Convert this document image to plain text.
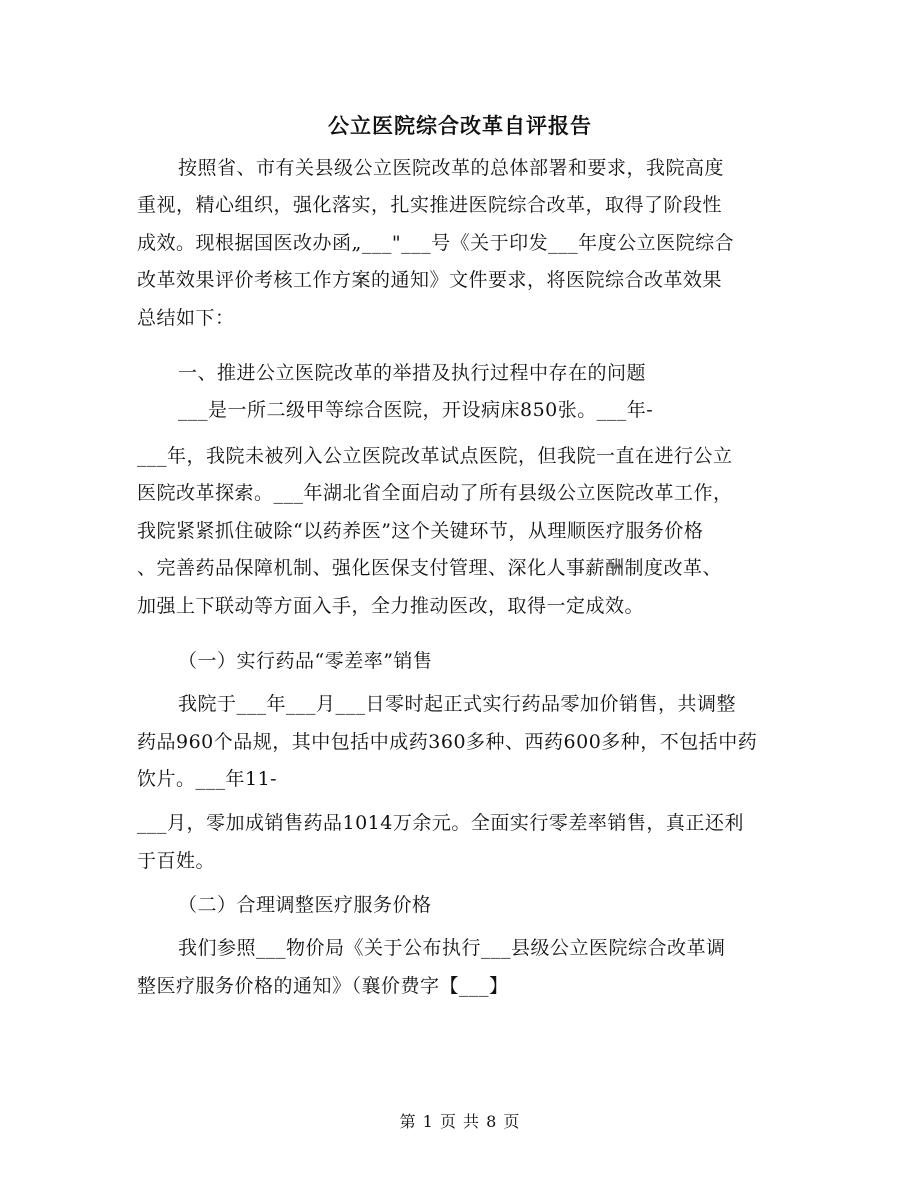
公立医院综合改革自评报告
按照省、市有关县级公立医院改革的总体部署和要求，我院高度
重视，精心组织，强化落实，扎实推进医院综合改革，取得了阶段性
成效。现根据国医改办函„___"___号《关于印发___年度公立医院综合
改革效果评价考核工作方案的通知》文件要求，将医院综合改革效果
总结如下：
一、推进公立医院改革的举措及执行过程中存在的问题
___是一所二级甲等综合医院，开设病床850张。___年-
___年，我院未被列入公立医院改革试点医院，但我院一直在进行公立
医院改革探索。___年湖北省全面启动了所有县级公立医院改革工作，
我院紧紧抓住破除“以药养医”这个关键环节，从理顺医疗服务价格
、完善药品保障机制、强化医保支付管理、深化人事薪酬制度改革、
加强上下联动等方面入手，全力推动医改，取得一定成效。
（一）实行药品“零差率”销售
我院于___年___月___日零时起正式实行药品零加价销售，共调整
药品960个品规，其中包括中成药360多种、西药600多种，不包括中药
饮片。___年11-
___月，零加成销售药品1014万余元。全面实行零差率销售，真正还利
于百姓。
（二）合理调整医疗服务价格
我们参照___物价局《关于公布执行___县级公立医院综合改革调
整医疗服务价格的通知》（襄价费字【___】
第 1 页 共 8 页
